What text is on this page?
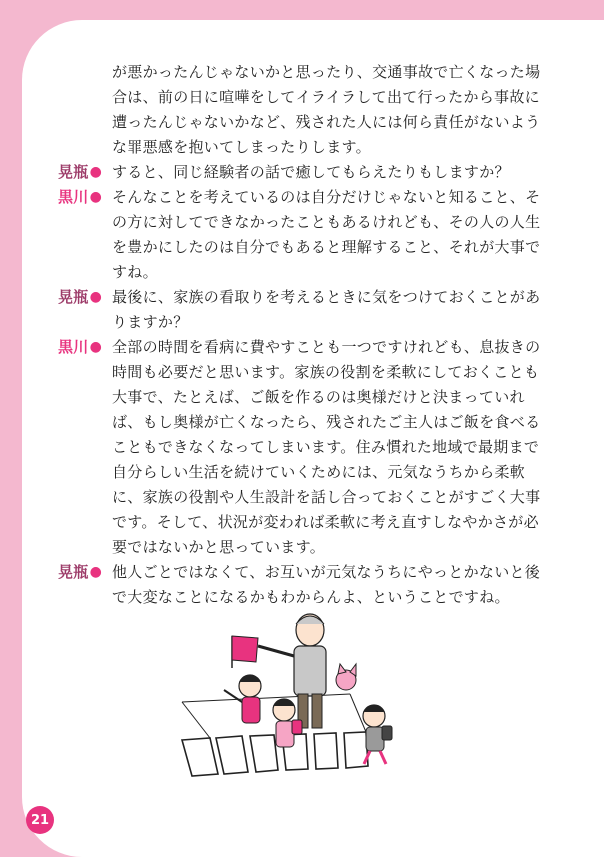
が悪かったんじゃないかと思ったり、交通事故で亡くなった場合は、前の日に喧嘩をしてイライラして出て行ったから事故に遭ったんじゃないかなど、残された人には何ら責任がないような罪悪感を抱いてしまったりします。
晃瓶 ● すると、同じ経験者の話で癒してもらえたりもしますか？
黒川 ● そんなことを考えているのは自分だけじゃないと知ること、その方に対してできなかったこともあるけれども、その人の人生を豊かにしたのは自分でもあると理解すること、それが大事ですね。
晃瓶 ● 最後に、家族の看取りを考えるときに気をつけておくことがありますか？
黒川 ● 全部の時間を看病に費やすことも一つですけれども、息抜きの時間も必要だと思います。家族の役割を柔軟にしておくことも大事で、たとえば、ご飯を作るのは奥様だけと決まっていれば、もし奥様が亡くなったら、残されたご主人はご飯を食べることもできなくなってしまいます。住み慣れた地域で最期まで自分らしい生活を続けていくためには、元気なうちから柔軟に、家族の役割や人生設計を話し合っておくことがすごく大事です。そして、状況が変われば柔軟に考え直すしなやかさが必要ではないかと思っています。
晃瓶 ● 他人ごとではなくて、お互いが元気なうちにやっとかないと後で大変なことになるかもわからんよ、ということですね。
21
